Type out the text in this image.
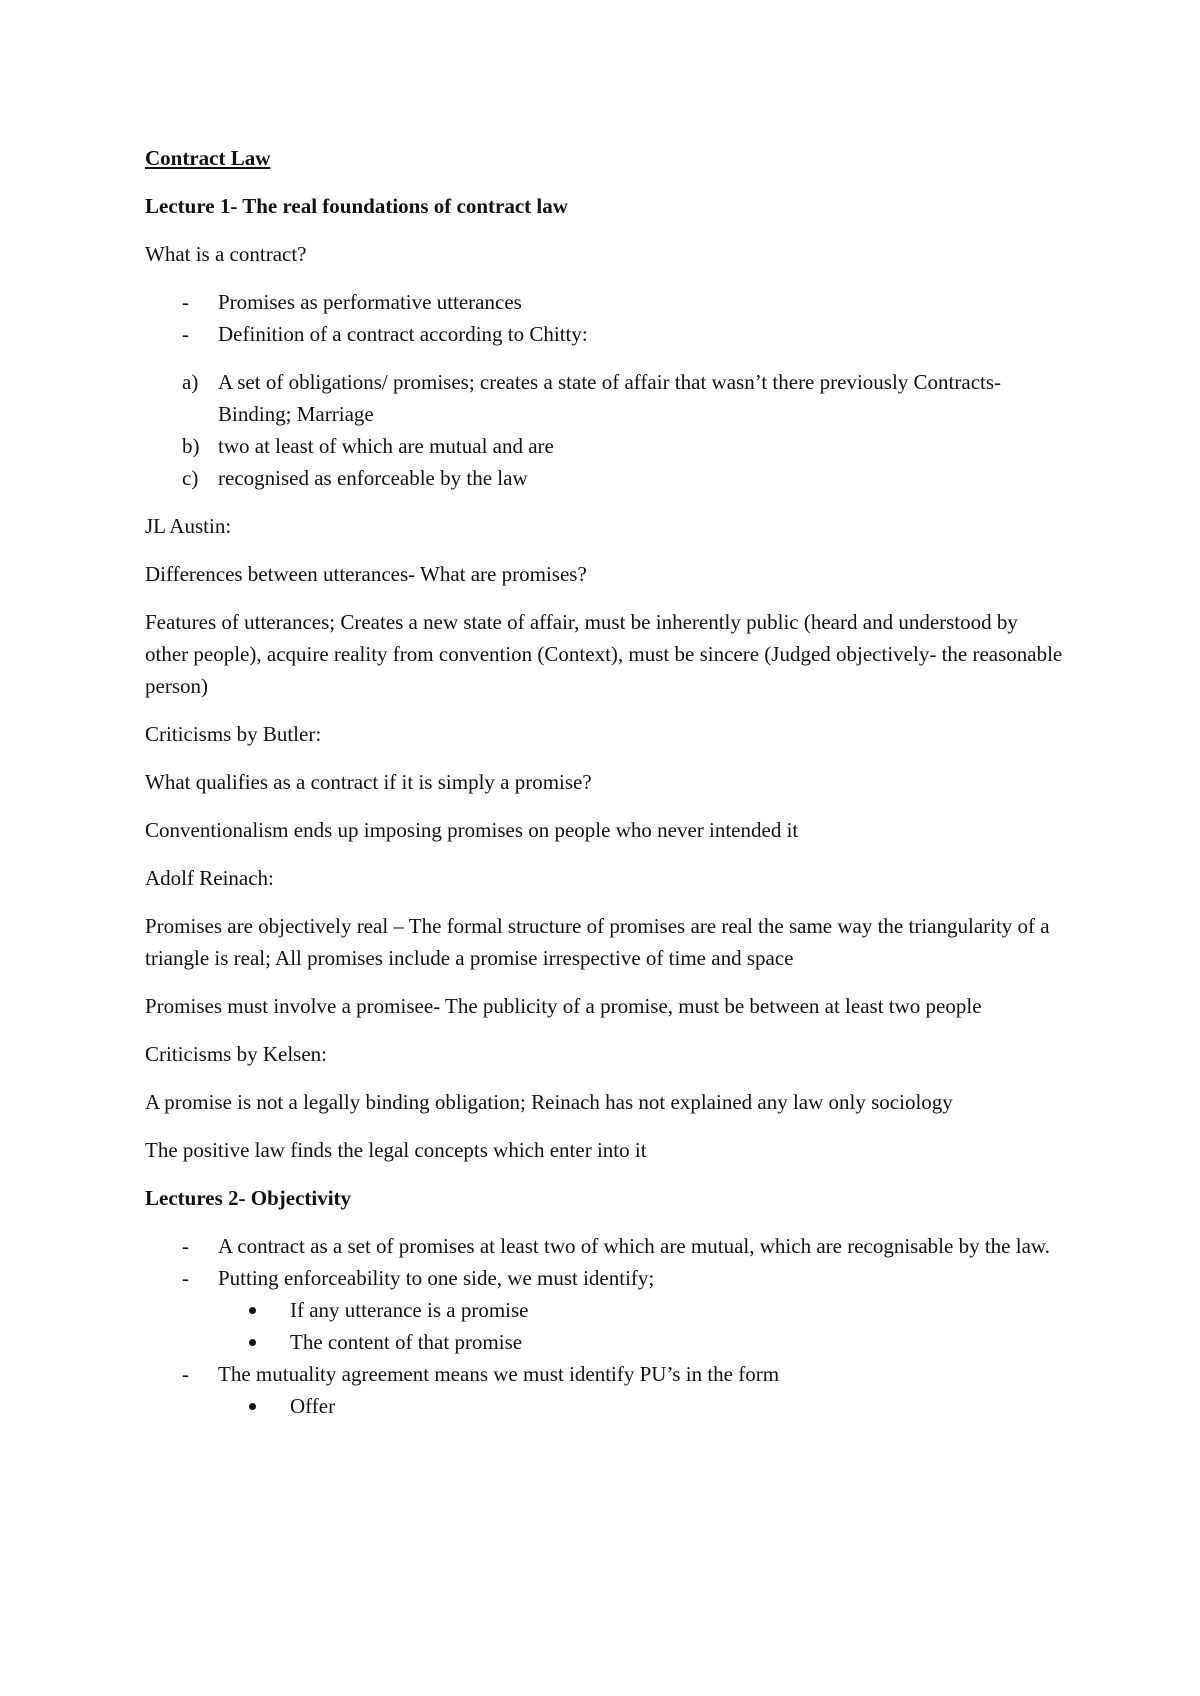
Contract Law
Lecture 1- The real foundations of contract law

What is a contract?

- Promises as performative utterances
- Definition of a contract according to Chitty:
a) A set of obligations/ promises; creates a state of affair that wasn’t there previously Contracts- Binding; Marriage
b) two at least of which are mutual and are
c) recognised as enforceable by the law

JL Austin:

Differences between utterances- What are promises?

Features of utterances; Creates a new state of affair, must be inherently public (heard and understood by other people), acquire reality from convention (Context), must be sincere (Judged objectively- the reasonable person)

Criticisms by Butler:

What qualifies as a contract if it is simply a promise?

Conventionalism ends up imposing promises on people who never intended it

Adolf Reinach:

Promises are objectively real – The formal structure of promises are real the same way the triangularity of a triangle is real; All promises include a promise irrespective of time and space

Promises must involve a promisee- The publicity of a promise, must be between at least two people

Criticisms by Kelsen:

A promise is not a legally binding obligation; Reinach has not explained any law only sociology

The positive law finds the legal concepts which enter into it

Lectures 2- Objectivity
- A contract as a set of promises at least two of which are mutual, which are recognisable by the law.
- Putting enforceability to one side, we must identify;
If any utterance is a promise
The content of that promise
- The mutuality agreement means we must identify PU’s in the form
Offer
